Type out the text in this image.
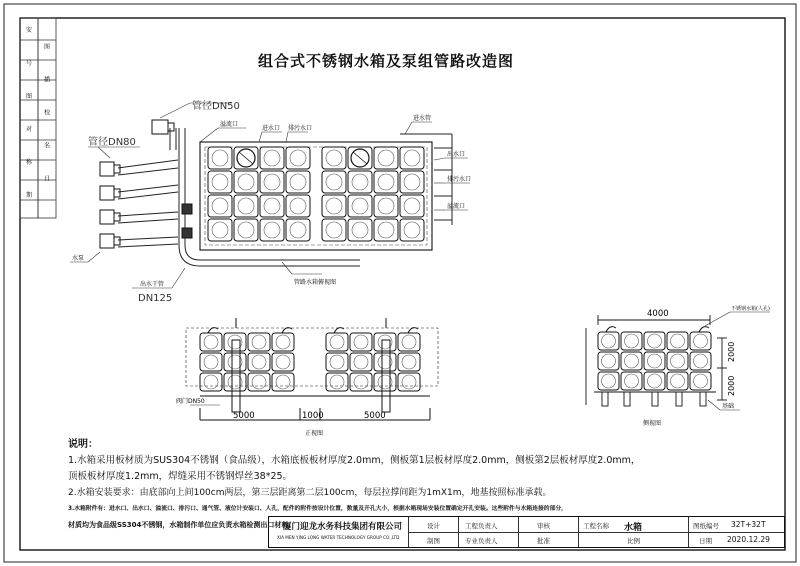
安
图
号
描
图
校
对
名
称
日
期
管径DN50
管径DN80
溢流口
进水口 排污水口
进水管
出水口
排污水口
溢流口
水泵
出水干管
DN125
管路水箱俯视图
阀门DN50
5000	1000	5000
正视图
4000
2000
2000
不锈钢水箱(人孔)
基础
侧视图
组合式不锈钢水箱及泵组管路改造图
说明：
1.水箱采用板材质为SUS304不锈钢（食品级），水箱底板板材厚度2.0mm，侧板第1层板材厚度2.0mm，侧板第2层板材厚度2.0mm，
顶板板材厚度1.2mm，焊缝采用不锈钢焊丝38*25。
2.水箱安装要求：由底部向上间100cm两层，第三层距离第二层100cm，每层拉撑间距为1mX1m，地基按照标准承载。
3.水箱附件有：进水口、出水口、溢流口、排污口、通气管、液位计安装口、人孔，配件的附件按设计位置，数量及开孔大小，根据水箱现场安装位置确定开孔安装。这些附件与水箱连接的部分，
材质均为食品级SS304不锈钢，水箱制作单位应负责水箱检测出口材料。
厦门迎龙水务科技集团有限公司
XIA MEN YING LONG WATER TECHNOLOGY GROUP CO.,LTD
设计
制图
工程负责人
专业负责人
审核
批准
工程名称 水箱
比例
图纸编号 32T+32T
日期 2020.12.29
